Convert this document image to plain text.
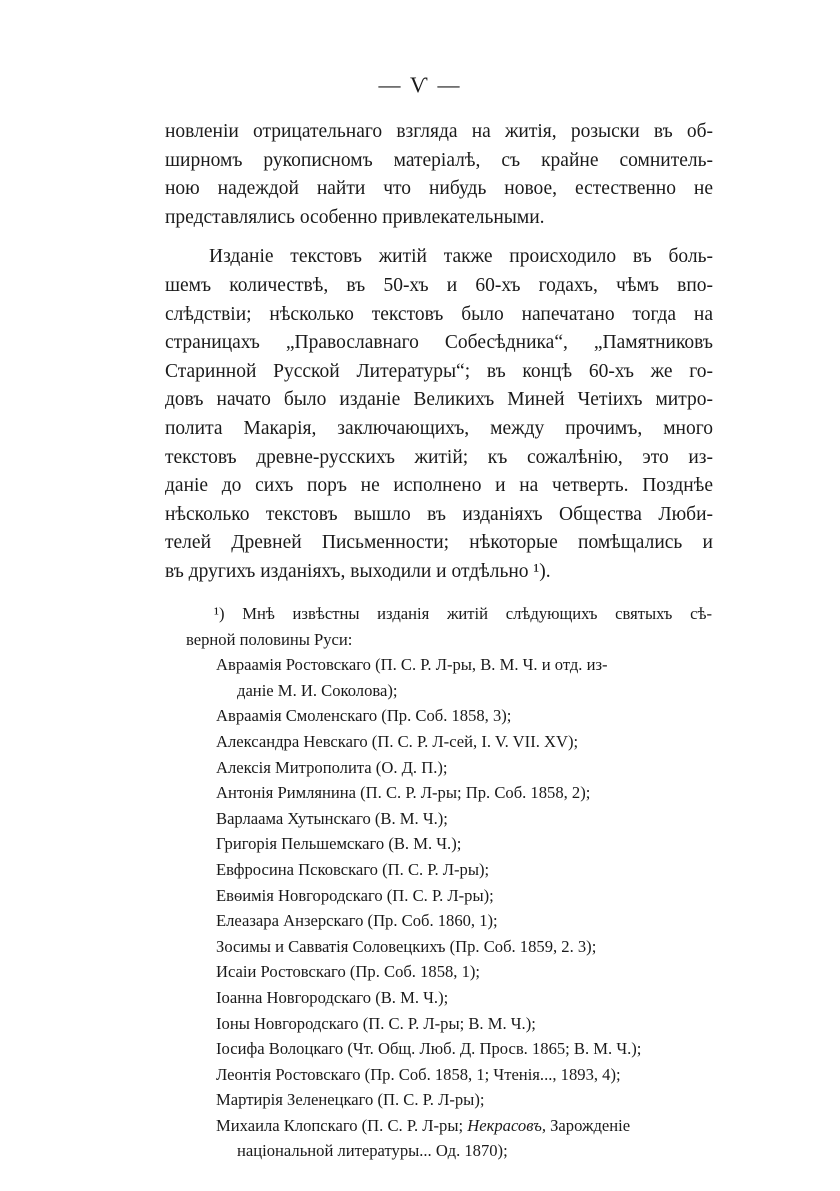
— Ѵ —

новленіи отрицательнаго взгляда на житія, розыски въ об-
ширномъ рукописномъ матеріалѣ, съ крайне сомнитель-
ною надеждой найти что нибудь новое, естественно не
представлялись особенно привлекательными.

Изданіе текстовъ житій также происходило въ боль-
шемъ количествѣ, въ 50-хъ и 60-хъ годахъ, чѣмъ впо-
слѣдствіи; нѣсколько текстовъ было напечатано тогда на
страницахъ „Православнаго Собесѣдника“, „Памятниковъ
Старинной Русской Литературы“; въ концѣ 60-хъ же го-
довъ начато было изданіе Великихъ Миней Четіихъ митро-
полита Макарія, заключающихъ, между прочимъ, много
текстовъ древне-русскихъ житій; къ сожалѣнію, это из-
даніе до сихъ поръ не исполнено и на четверть. Позднѣе
нѣсколько текстовъ вышло въ изданіяхъ Общества Люби-
телей Древней Письменности; нѣкоторые помѣщались и
въ другихъ изданіяхъ, выходили и отдѣльно ¹).

¹) Мнѣ извѣстны изданія житій слѣдующихъ святыхъ сѣ-
верной половины Руси:
Авраамія Ростовскаго (П. С. Р. Л-ры, В. М. Ч. и отд. из-
даніе М. И. Соколова);
Авраамія Смоленскаго (Пр. Соб. 1858, 3);
Александра Невскаго (П. С. Р. Л-сей, I. V. VII. XV);
Алексія Митрополита (О. Д. П.);
Антонія Римлянина (П. С. Р. Л-ры; Пр. Соб. 1858, 2);
Варлаама Хутынскаго (В. М. Ч.);
Григорія Пельшемскаго (В. М. Ч.);
Евфросина Псковскаго (П. С. Р. Л-ры);
Евѳимія Новгородскаго (П. С. Р. Л-ры);
Елеазара Анзерскаго (Пр. Соб. 1860, 1);
Зосимы и Савватія Соловецкихъ (Пр. Соб. 1859, 2. 3);
Исаіи Ростовскаго (Пр. Соб. 1858, 1);
Іоанна Новгородскаго (В. М. Ч.);
Іоны Новгородскаго (П. С. Р. Л-ры; В. М. Ч.);
Іосифа Волоцкаго (Чт. Общ. Люб. Д. Просв. 1865; В. М. Ч.);
Леонтія Ростовскаго (Пр. Соб. 1858, 1; Чтенія..., 1893, 4);
Мартирія Зеленецкаго (П. С. Р. Л-ры);
Михаила Клопскаго (П. С. Р. Л-ры; Некрасовъ, Зарожденіе
національной литературы... Од. 1870);
